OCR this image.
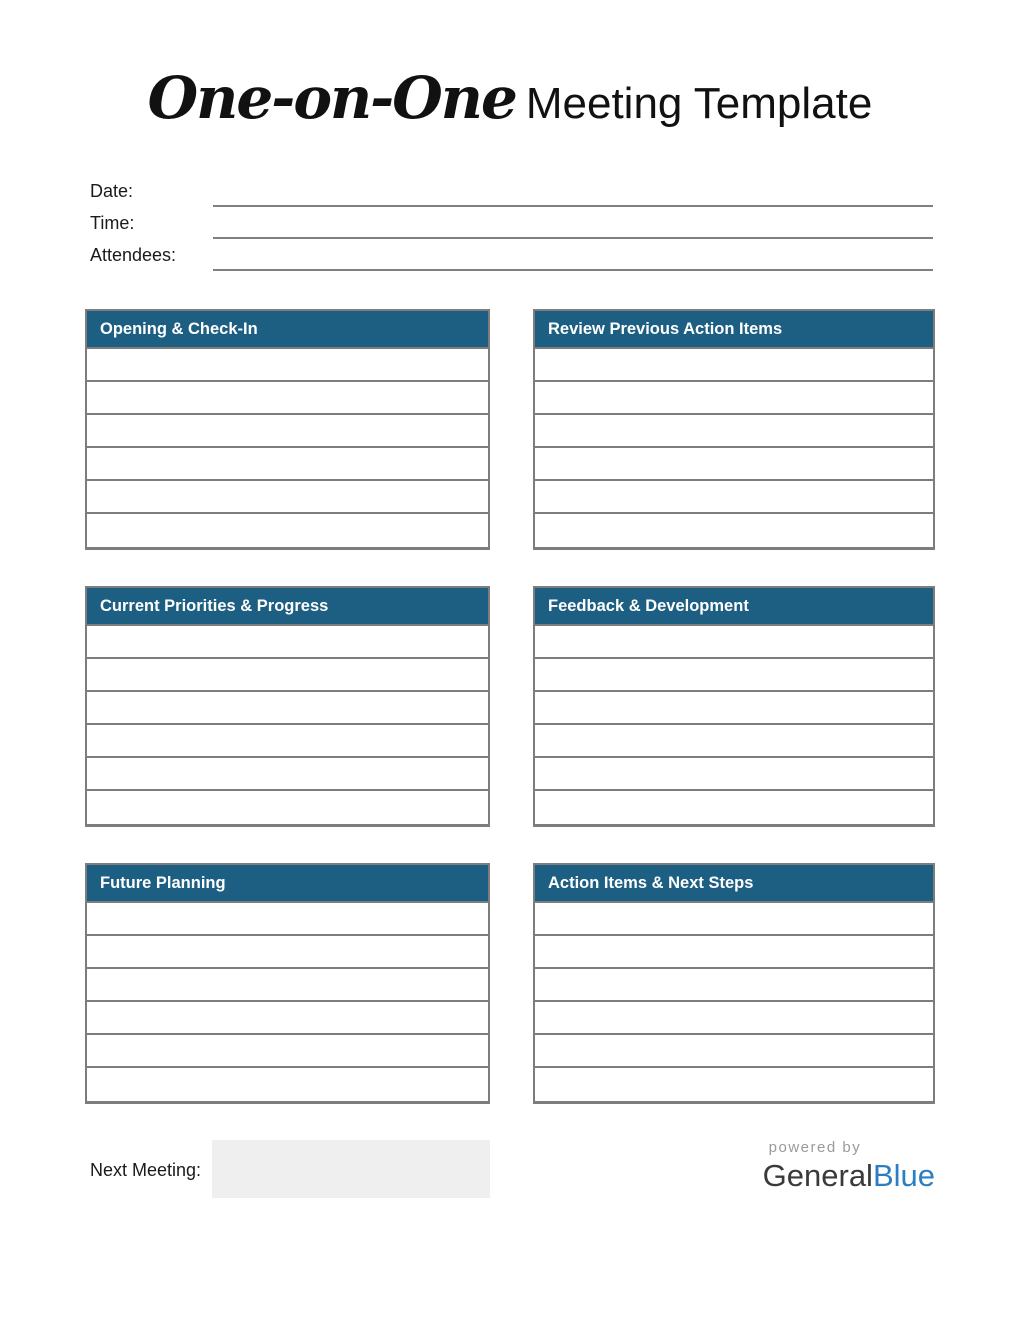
One-on-One Meeting Template
Date:
Time:
Attendees:
Opening & Check-In	Review Previous Action Items
Current Priorities & Progress	Feedback & Development
Future Planning	Action Items & Next Steps
Next Meeting:
powered by
GeneralBlue
